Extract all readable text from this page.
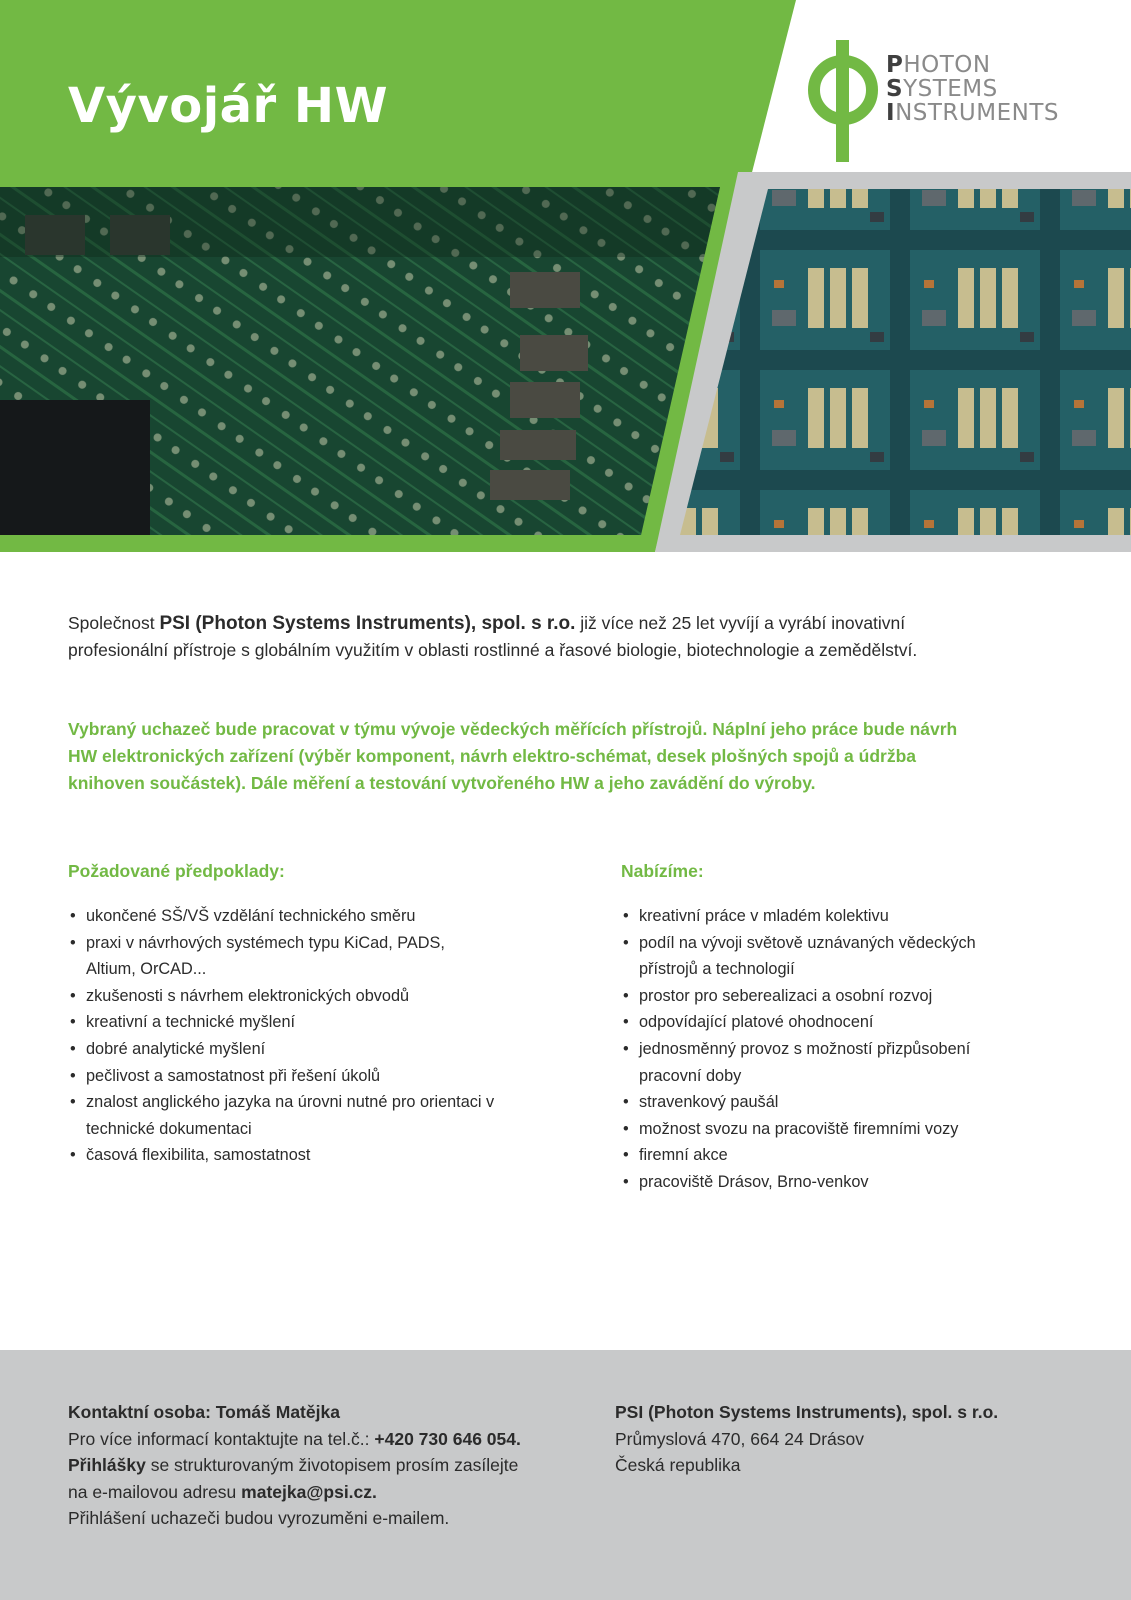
Vývojář HW
PHOTON
SYSTEMS
INSTRUMENTS

Společnost PSI (Photon Systems Instruments), spol. s r.o. již více než 25 let vyvíjí a vyrábí inovativní
profesionální přístroje s globálním využitím v oblasti rostlinné a řasové biologie, biotechnologie a zemědělství.

Vybraný uchazeč bude pracovat v týmu vývoje vědeckých měřících přístrojů. Náplní jeho práce bude návrh
HW elektronických zařízení (výběr komponent, návrh elektro-schémat, desek plošných spojů a údržba
knihoven součástek). Dále měření a testování vytvořeného HW a jeho zavádění do výroby.

Požadované předpoklady:
• ukončené SŠ/VŠ vzdělání technického směru
• praxi v návrhových systémech typu KiCad, PADS, Altium, OrCAD...
• zkušenosti s návrhem elektronických obvodů
• kreativní a technické myšlení
• dobré analytické myšlení
• pečlivost a samostatnost při řešení úkolů
• znalost anglického jazyka na úrovni nutné pro orientaci v technické dokumentaci
• časová flexibilita, samostatnost
Nabízíme:
• kreativní práce v mladém kolektivu
• podíl na vývoji světově uznávaných vědeckých přístrojů a technologií
• prostor pro seberealizaci a osobní rozvoj
• odpovídající platové ohodnocení
• jednosměnný provoz s možností přizpůsobení pracovní doby
• stravenkový paušál
• možnost svozu na pracoviště firemními vozy
• firemní akce
• pracoviště Drásov, Brno-venkov
Kontaktní osoba: Tomáš Matějka
Pro více informací kontaktujte na tel.č.: +420 730 646 054.
Přihlášky se strukturovaným životopisem prosím zasílejte
na e-mailovou adresu matejka@psi.cz.
Přihlášení uchazeči budou vyrozuměni e-mailem.
PSI (Photon Systems Instruments), spol. s r.o.
Průmyslová 470, 664 24 Drásov
Česká republika
